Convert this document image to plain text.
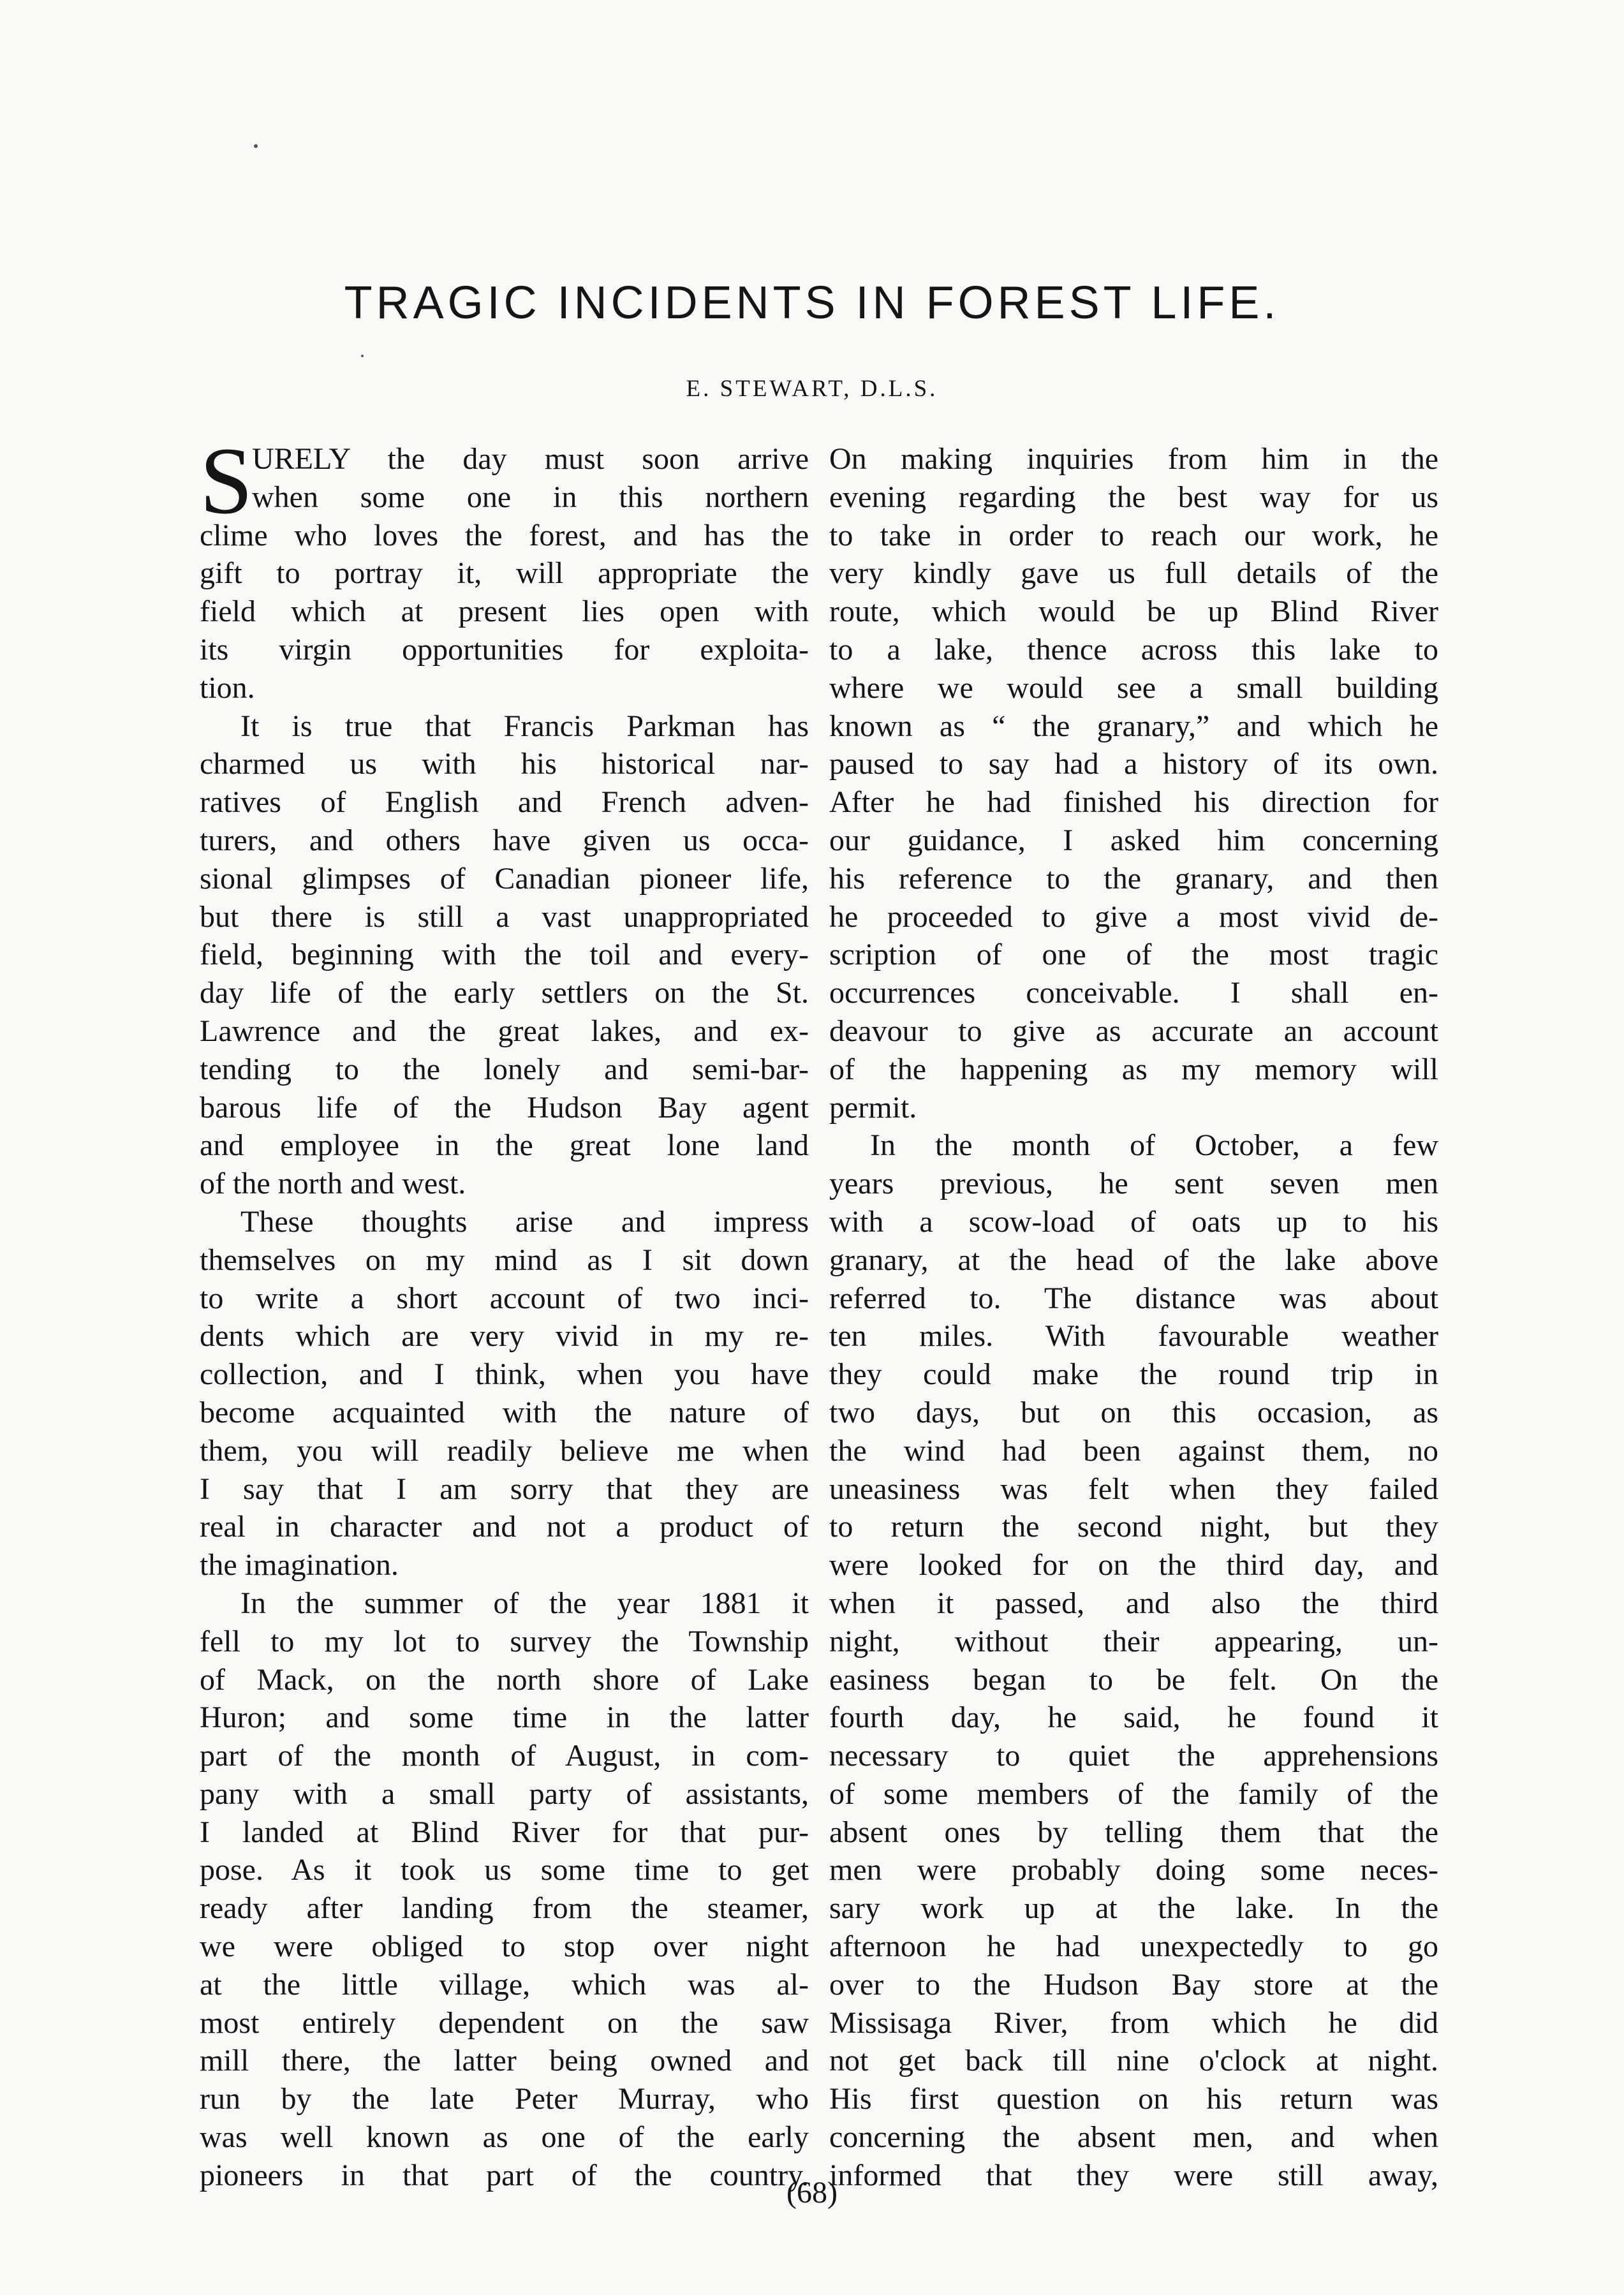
TRAGIC INCIDENTS IN FOREST LIFE.
E. STEWART, D.L.S.
S
URELY the day must soon arrive
when some one in this northern
clime who loves the forest, and has the
gift to portray it, will appropriate the
field which at present lies open with
its virgin opportunities for exploita-
tion.
It is true that Francis Parkman has
charmed us with his historical nar-
ratives of English and French adven-
turers, and others have given us occa-
sional glimpses of Canadian pioneer life,
but there is still a vast unappropriated
field, beginning with the toil and every-
day life of the early settlers on the St.
Lawrence and the great lakes, and ex-
tending to the lonely and semi-bar-
barous life of the Hudson Bay agent
and employee in the great lone land
of the north and west.
These thoughts arise and impress
themselves on my mind as I sit down
to write a short account of two inci-
dents which are very vivid in my re-
collection, and I think, when you have
become acquainted with the nature of
them, you will readily believe me when
I say that I am sorry that they are
real in character and not a product of
the imagination.
In the summer of the year 1881 it
fell to my lot to survey the Township
of Mack, on the north shore of Lake
Huron; and some time in the latter
part of the month of August, in com-
pany with a small party of assistants,
I landed at Blind River for that pur-
pose. As it took us some time to get
ready after landing from the steamer,
we were obliged to stop over night
at the little village, which was al-
most entirely dependent on the saw
mill there, the latter being owned and
run by the late Peter Murray, who
was well known as one of the early
pioneers in that part of the country.
On making inquiries from him in the
evening regarding the best way for us
to take in order to reach our work, he
very kindly gave us full details of the
route, which would be up Blind River
to a lake, thence across this lake to
where we would see a small building
known as “ the granary,” and which he
paused to say had a history of its own.
After he had finished his direction for
our guidance, I asked him concerning
his reference to the granary, and then
he proceeded to give a most vivid de-
scription of one of the most tragic
occurrences conceivable. I shall en-
deavour to give as accurate an account
of the happening as my memory will
permit.
In the month of October, a few
years previous, he sent seven men
with a scow-load of oats up to his
granary, at the head of the lake above
referred to. The distance was about
ten miles. With favourable weather
they could make the round trip in
two days, but on this occasion, as
the wind had been against them, no
uneasiness was felt when they failed
to return the second night, but they
were looked for on the third day, and
when it passed, and also the third
night, without their appearing, un-
easiness began to be felt. On the
fourth day, he said, he found it
necessary to quiet the apprehensions
of some members of the family of the
absent ones by telling them that the
men were probably doing some neces-
sary work up at the lake. In the
afternoon he had unexpectedly to go
over to the Hudson Bay store at the
Missisaga River, from which he did
not get back till nine o'clock at night.
His first question on his return was
concerning the absent men, and when
informed that they were still away,
(68)
